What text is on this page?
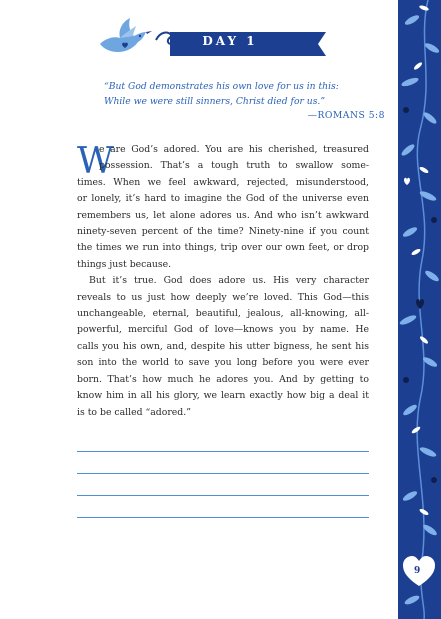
DAY 1
“But God demonstrates his own love for us in this:
While we were still sinners, Christ died for us.”
—ROMANS 5:8
W

e are God’s adored. You are his cherished, treasured
possession. That’s a tough truth to swallow some-
times. When we feel awkward, rejected, misunderstood,
or lonely, it’s hard to imagine the God of the universe even
remembers us, let alone adores us. And who isn’t awkward
ninety-seven percent of the time? Ninety-nine if you count
the times we run into things, trip over our own feet, or drop
things just because.

But it’s true. God does adore us. His very character
reveals to us just how deeply we’re loved. This God—this
unchangeable, eternal, beautiful, jealous, all-knowing, all-
powerful, merciful God of love—knows you by name. He
calls you his own, and, despite his utter bigness, he sent his
son into the world to save you long before you were ever
born. That’s how much he adores you. And by getting to
know him in all his glory, we learn exactly how big a deal it
is to be called “adored.”

9
